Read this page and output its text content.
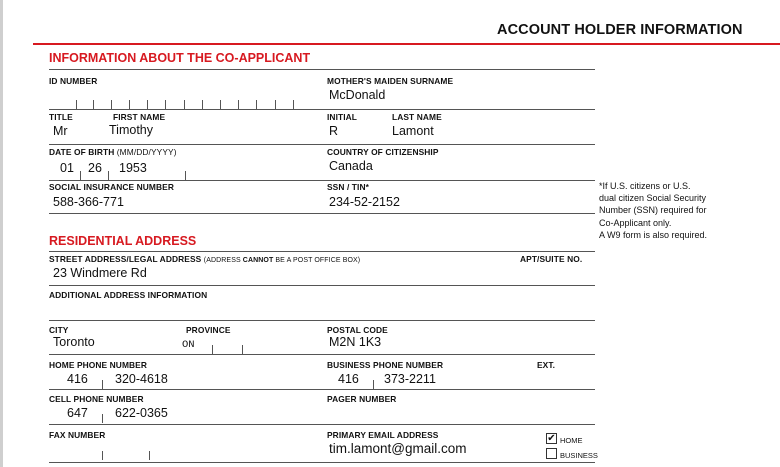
ACCOUNT HOLDER INFORMATION
INFORMATION ABOUT THE CO-APPLICANT
ID NUMBER	MOTHER'S MAIDEN SURNAME
McDonald
TITLE
Mr
FIRST NAME
Timothy
INITIAL
R
LAST NAME
Lamont
DATE OF BIRTH (MM/DD/YYYY)
01 26 1953
COUNTRY OF CITIZENSHIP
Canada
SOCIAL INSURANCE NUMBER
588-366-771
SSN / TIN*
234-52-2152
*If U.S. citizens or U.S.
dual citizen Social Security
Number (SSN) required for
Co-Applicant only.
A W9 form is also required.
RESIDENTIAL ADDRESS
STREET ADDRESS/LEGAL ADDRESS (ADDRESS CANNOT BE A POST OFFICE BOX)
23 Windmere Rd
APT/SUITE NO.
ADDITIONAL ADDRESS INFORMATION
CITY
Toronto
PROVINCE
ON
POSTAL CODE
M2N 1K3
HOME PHONE NUMBER
416 320-4618
BUSINESS PHONE NUMBER
416 373-2211
EXT.
CELL PHONE NUMBER
647 622-0365
PAGER NUMBER
FAX NUMBER	PRIMARY EMAIL ADDRESS
tim.lamont@gmail.com
✔ HOME
BUSINESS
